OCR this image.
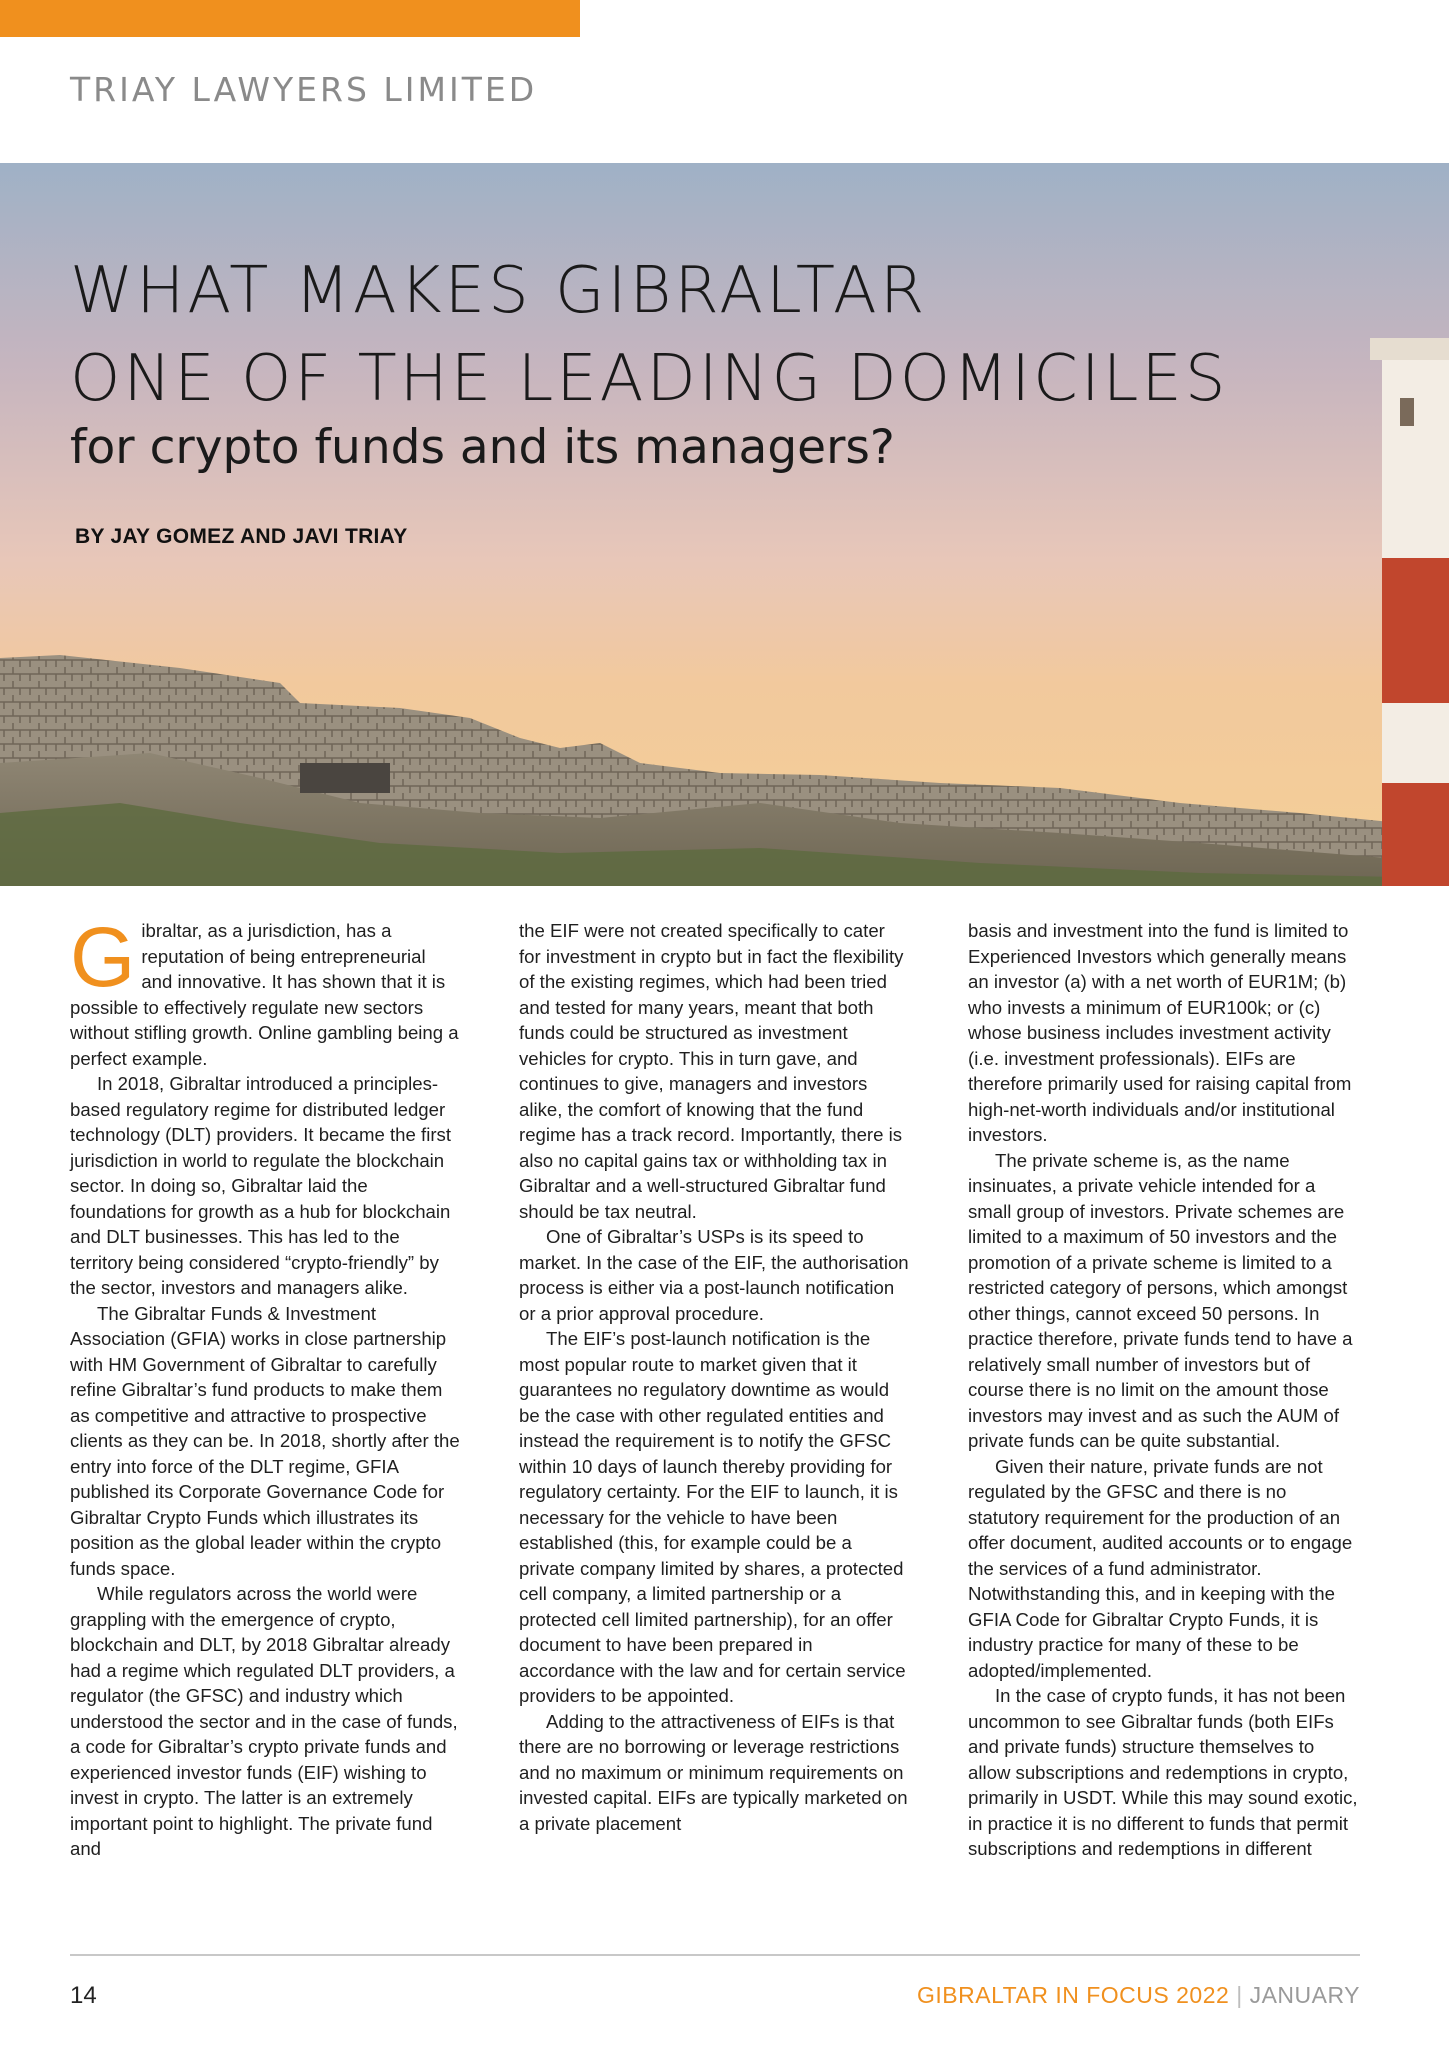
TRIAY LAWYERS LIMITED
WHAT MAKES GIBRALTAR
ONE OF THE LEADING DOMICILES
for crypto funds and its managers?
BY JAY GOMEZ AND JAVI TRIAY

Gibraltar, as a jurisdiction, has a reputation of being entrepreneurial and innovative. It has shown that it is possible to effectively regulate new sectors without stifling growth. Online gambling being a perfect example.

In 2018, Gibraltar introduced a principles-based regulatory regime for distributed ledger technology (DLT) providers. It became the first jurisdiction in world to regulate the blockchain sector. In doing so, Gibraltar laid the foundations for growth as a hub for blockchain and DLT businesses. This has led to the territory being considered “crypto-friendly” by the sector, investors and managers alike.

The Gibraltar Funds & Investment Association (GFIA) works in close partnership with HM Government of Gibraltar to carefully refine Gibraltar’s fund products to make them as competitive and attractive to prospective clients as they can be. In 2018, shortly after the entry into force of the DLT regime, GFIA published its Corporate Governance Code for Gibraltar Crypto Funds which illustrates its position as the global leader within the crypto funds space.

While regulators across the world were grappling with the emergence of crypto, blockchain and DLT, by 2018 Gibraltar already had a regime which regulated DLT providers, a regulator (the GFSC) and industry which understood the sector and in the case of funds, a code for Gibraltar’s crypto private funds and experienced investor funds (EIF) wishing to invest in crypto. The latter is an extremely important point to highlight. The private fund and

the EIF were not created specifically to cater for investment in crypto but in fact the flexibility of the existing regimes, which had been tried and tested for many years, meant that both funds could be structured as investment vehicles for crypto. This in turn gave, and continues to give, managers and investors alike, the comfort of knowing that the fund regime has a track record. Importantly, there is also no capital gains tax or withholding tax in Gibraltar and a well-structured Gibraltar fund should be tax neutral.

One of Gibraltar’s USPs is its speed to market. In the case of the EIF, the authorisation process is either via a post-launch notification or a prior approval procedure.

The EIF’s post-launch notification is the most popular route to market given that it guarantees no regulatory downtime as would be the case with other regulated entities and instead the requirement is to notify the GFSC within 10 days of launch thereby providing for regulatory certainty. For the EIF to launch, it is necessary for the vehicle to have been established (this, for example could be a private company limited by shares, a protected cell company, a limited partnership or a protected cell limited partnership), for an offer document to have been prepared in accordance with the law and for certain service providers to be appointed.

Adding to the attractiveness of EIFs is that there are no borrowing or leverage restrictions and no maximum or minimum requirements on invested capital. EIFs are typically marketed on a private placement

basis and investment into the fund is limited to Experienced Investors which generally means an investor (a) with a net worth of EUR1M; (b) who invests a minimum of EUR100k; or (c) whose business includes investment activity (i.e. investment professionals). EIFs are therefore primarily used for raising capital from high-net-worth individuals and/or institutional investors.

The private scheme is, as the name insinuates, a private vehicle intended for a small group of investors. Private schemes are limited to a maximum of 50 investors and the promotion of a private scheme is limited to a restricted category of persons, which amongst other things, cannot exceed 50 persons. In practice therefore, private funds tend to have a relatively small number of investors but of course there is no limit on the amount those investors may invest and as such the AUM of private funds can be quite substantial.

Given their nature, private funds are not regulated by the GFSC and there is no statutory requirement for the production of an offer document, audited accounts or to engage the services of a fund administrator. Notwithstanding this, and in keeping with the GFIA Code for Gibraltar Crypto Funds, it is industry practice for many of these to be adopted/implemented.

In the case of crypto funds, it has not been uncommon to see Gibraltar funds (both EIFs and private funds) structure themselves to allow subscriptions and redemptions in crypto, primarily in USDT. While this may sound exotic, in practice it is no different to funds that permit subscriptions and redemptions in different

14	GIBRALTAR IN FOCUS 2022 | JANUARY
